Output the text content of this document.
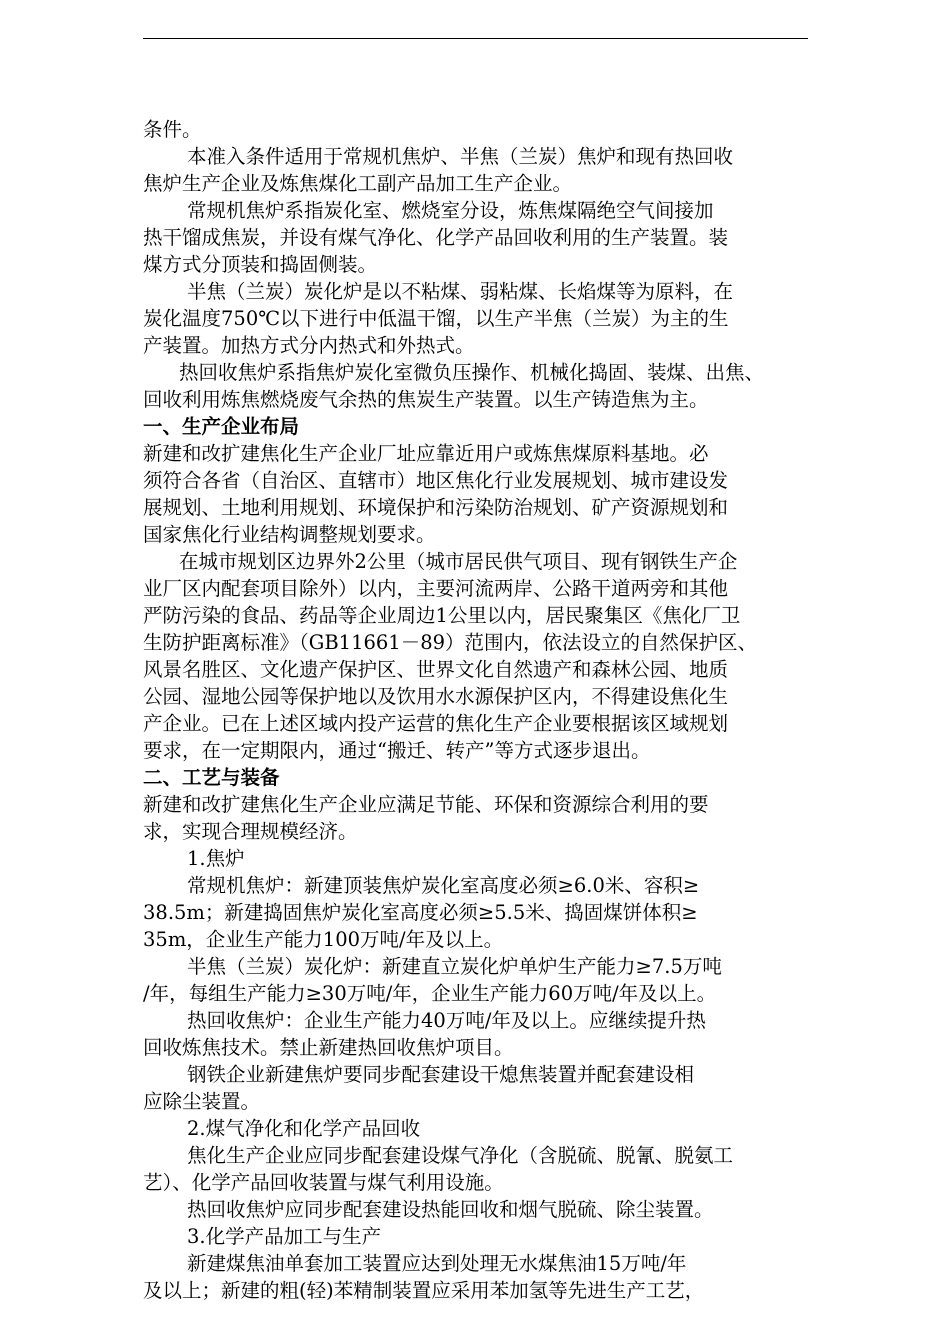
条件。
本准入条件适用于常规机焦炉、半焦（兰炭）焦炉和现有热回收
焦炉生产企业及炼焦煤化工副产品加工生产企业。
常规机焦炉系指炭化室、燃烧室分设，炼焦煤隔绝空气间接加
热干馏成焦炭，并设有煤气净化、化学产品回收利用的生产装置。装
煤方式分顶装和捣固侧装。
半焦（兰炭）炭化炉是以不粘煤、弱粘煤、长焰煤等为原料，在
炭化温度750℃以下进行中低温干馏，以生产半焦（兰炭）为主的生
产装置。加热方式分内热式和外热式。
热回收焦炉系指焦炉炭化室微负压操作、机械化捣固、装煤、出焦、
回收利用炼焦燃烧废气余热的焦炭生产装置。以生产铸造焦为主。
一、生产企业布局
新建和改扩建焦化生产企业厂址应靠近用户或炼焦煤原料基地。必
须符合各省（自治区、直辖市）地区焦化行业发展规划、城市建设发
展规划、土地利用规划、环境保护和污染防治规划、矿产资源规划和
国家焦化行业结构调整规划要求。
在城市规划区边界外2公里（城市居民供气项目、现有钢铁生产企
业厂区内配套项目除外）以内，主要河流两岸、公路干道两旁和其他
严防污染的食品、药品等企业周边1公里以内，居民聚集区《焦化厂卫
生防护距离标准》（GB11661－89）范围内，依法设立的自然保护区、
风景名胜区、文化遗产保护区、世界文化自然遗产和森林公园、地质
公园、湿地公园等保护地以及饮用水水源保护区内，不得建设焦化生
产企业。已在上述区域内投产运营的焦化生产企业要根据该区域规划
要求，在一定期限内，通过“搬迁、转产”等方式逐步退出。
二、工艺与装备
新建和改扩建焦化生产企业应满足节能、环保和资源综合利用的要
求，实现合理规模经济。
1.焦炉
常规机焦炉：新建顶装焦炉炭化室高度必须≥6.0米、容积≥
38.5m；新建捣固焦炉炭化室高度必须≥5.5米、捣固煤饼体积≥
35m，企业生产能力100万吨/年及以上。
半焦（兰炭）炭化炉：新建直立炭化炉单炉生产能力≥7.5万吨
/年，每组生产能力≥30万吨/年，企业生产能力60万吨/年及以上。
热回收焦炉：企业生产能力40万吨/年及以上。应继续提升热
回收炼焦技术。禁止新建热回收焦炉项目。
钢铁企业新建焦炉要同步配套建设干熄焦装置并配套建设相
应除尘装置。
2.煤气净化和化学产品回收
焦化生产企业应同步配套建设煤气净化（含脱硫、脱氰、脱氨工
艺）、化学产品回收装置与煤气利用设施。
热回收焦炉应同步配套建设热能回收和烟气脱硫、除尘装置。
3.化学产品加工与生产
新建煤焦油单套加工装置应达到处理无水煤焦油15万吨/年
及以上；新建的粗(轻)苯精制装置应采用苯加氢等先进生产工艺，
